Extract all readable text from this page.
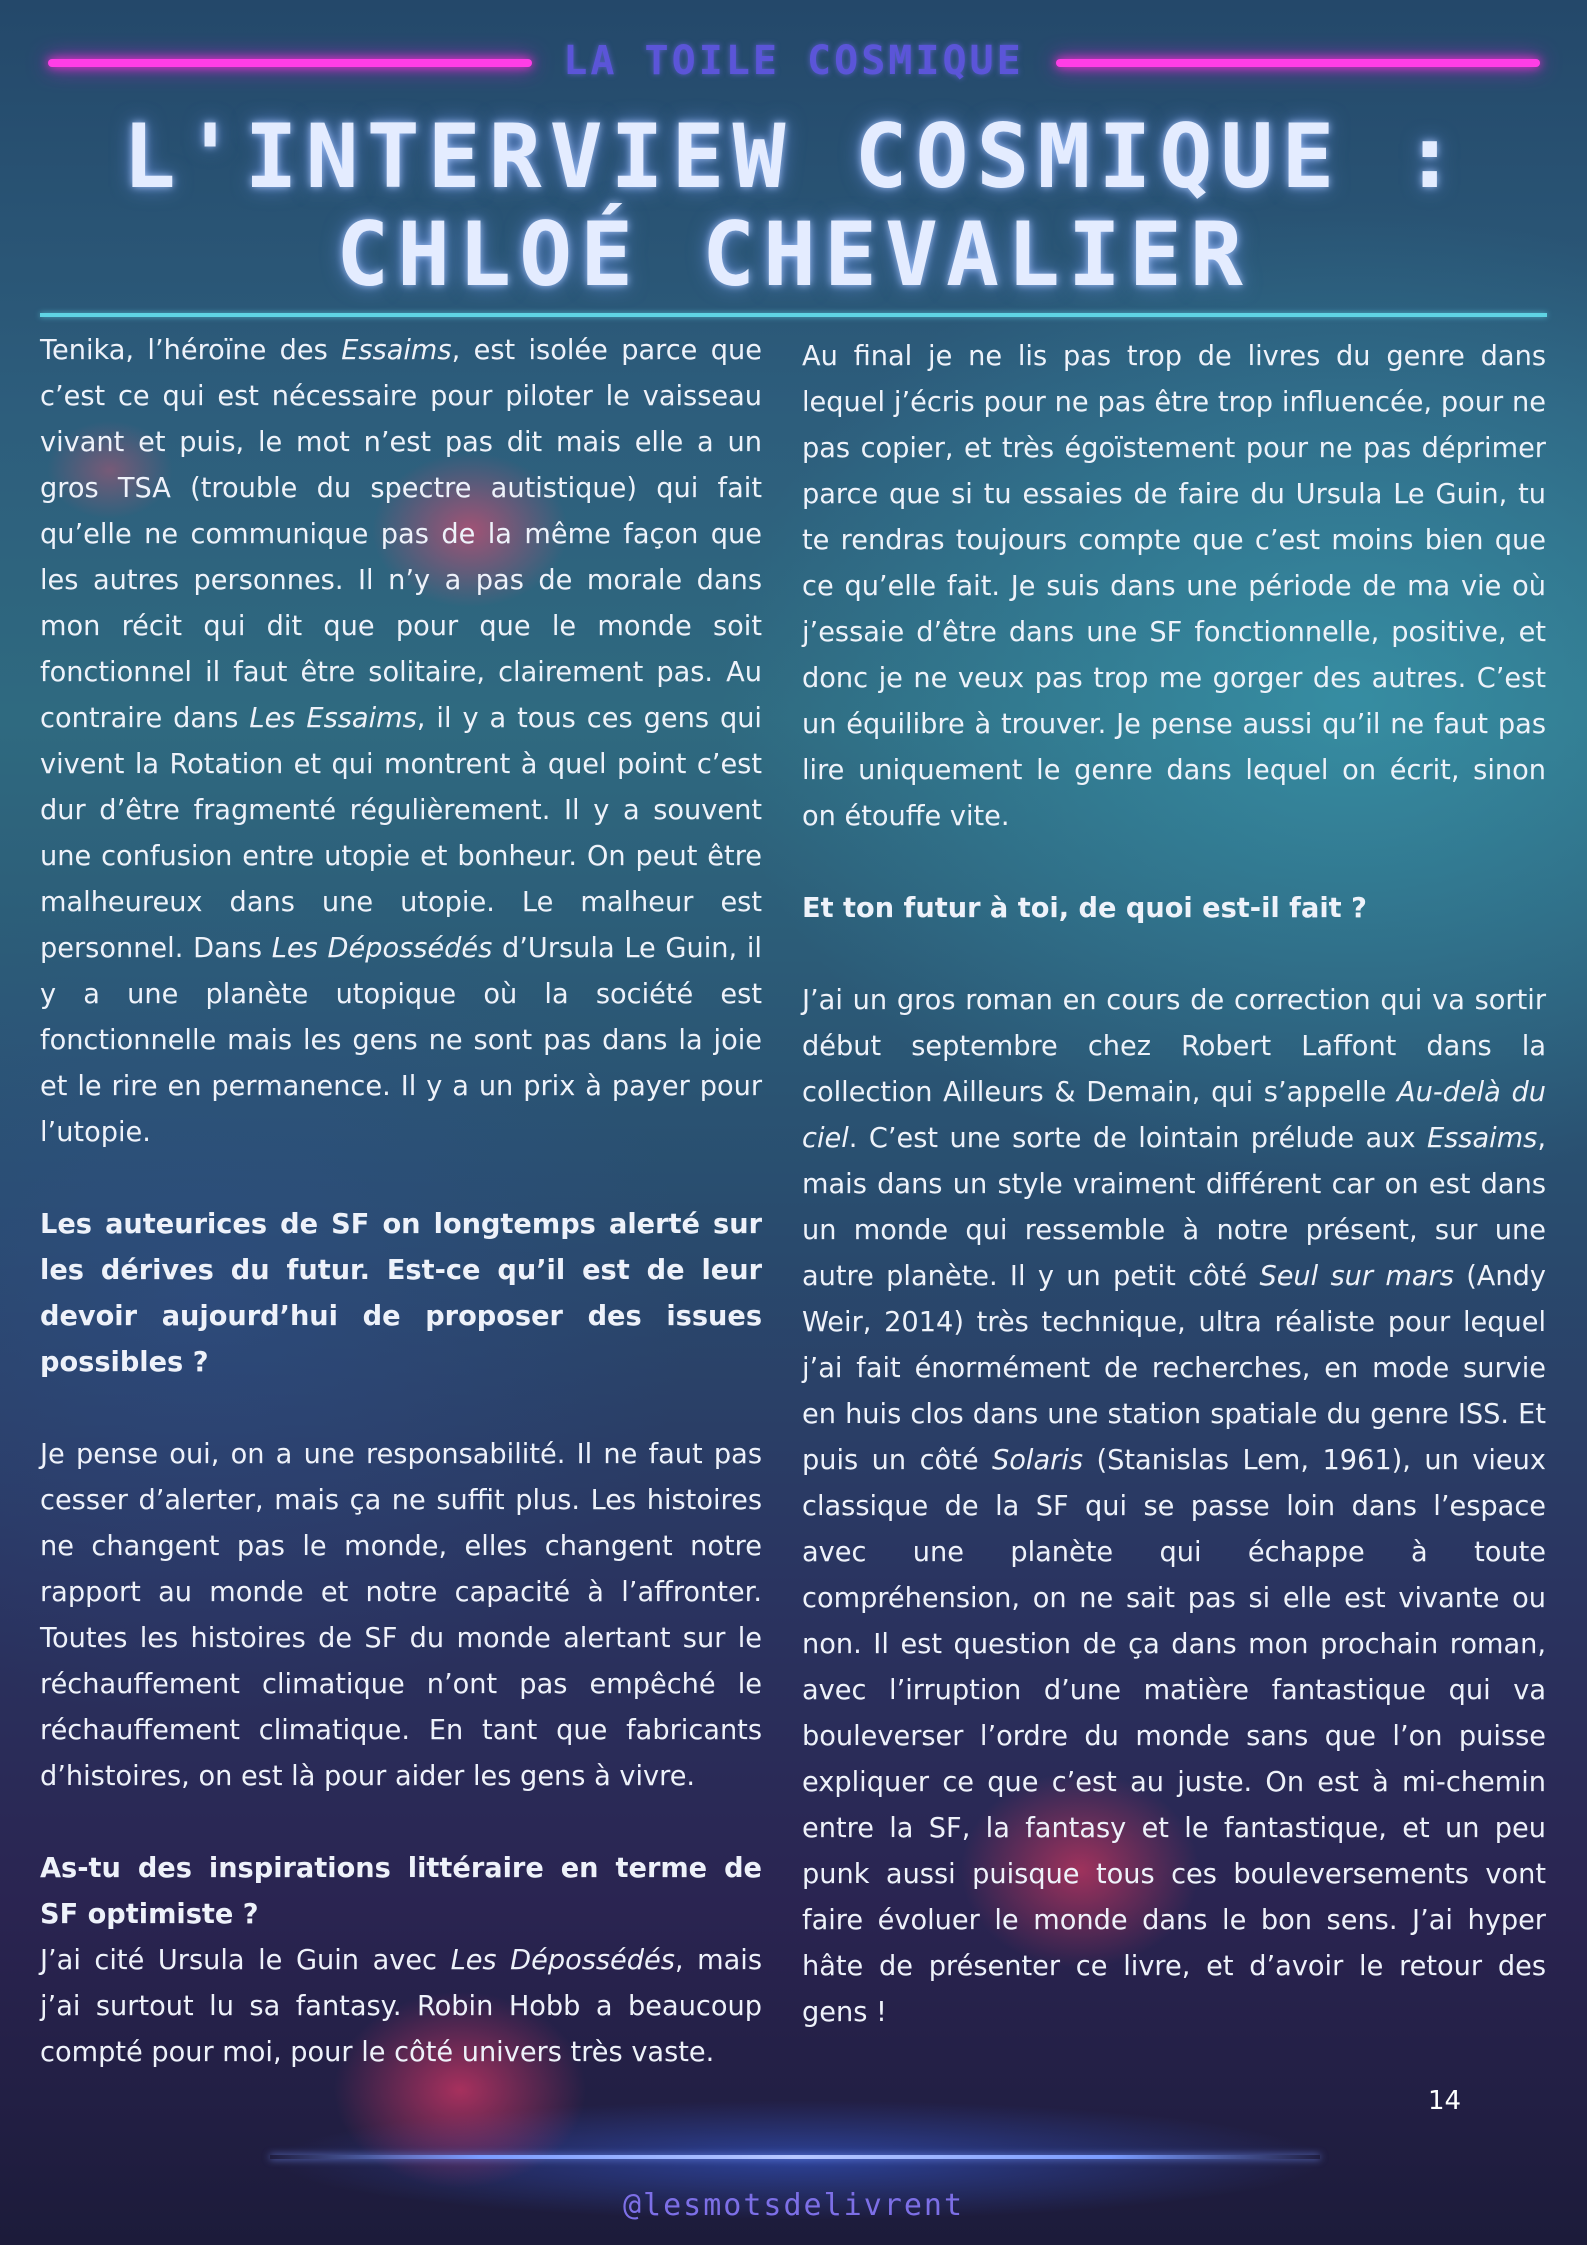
LA TOILE COSMIQUE
L'INTERVIEW COSMIQUE :
CHLOÉ CHEVALIER

Tenika, l’héroïne des Essaims, est isolée parce que c’est ce qui est nécessaire pour piloter le vaisseau vivant et puis, le mot n’est pas dit mais elle a un gros TSA (trouble du spectre autistique) qui fait qu’elle ne communique pas de la même façon que les autres personnes. Il n’y a pas de morale dans mon récit qui dit que pour que le monde soit fonctionnel il faut être solitaire, clairement pas. Au contraire dans Les Essaims, il y a tous ces gens qui vivent la Rotation et qui montrent à quel point c’est dur d’être fragmenté régulièrement. Il y a souvent une confusion entre utopie et bonheur. On peut être malheureux dans une utopie. Le malheur est personnel. Dans Les Dépossédés d’Ursula Le Guin, il y a une planète utopique où la société est fonctionnelle mais les gens ne sont pas dans la joie et le rire en permanence. Il y a un prix à payer pour l’utopie.

Les auteurices de SF on longtemps alerté sur les dérives du futur. Est-ce qu’il est de leur devoir aujourd’hui de proposer des issues possibles ?

Je pense oui, on a une responsabilité. Il ne faut pas cesser d’alerter, mais ça ne suffit plus. Les histoires ne changent pas le monde, elles changent notre rapport au monde et notre capacité à l’affronter. Toutes les histoires de SF du monde alertant sur le réchauffement climatique n’ont pas empêché le réchauffement climatique. En tant que fabricants d’histoires, on est là pour aider les gens à vivre.

As-tu des inspirations littéraire en terme de SF optimiste ?

J’ai cité Ursula le Guin avec Les Dépossédés, mais j’ai surtout lu sa fantasy. Robin Hobb a beaucoup compté pour moi, pour le côté univers très vaste.

Au final je ne lis pas trop de livres du genre dans lequel j’écris pour ne pas être trop influencée, pour ne pas copier, et très égoïstement pour ne pas déprimer parce que si tu essaies de faire du Ursula Le Guin, tu te rendras toujours compte que c’est moins bien que ce qu’elle fait. Je suis dans une période de ma vie où j’essaie d’être dans une SF fonctionnelle, positive, et donc je ne veux pas trop me gorger des autres. C’est un équilibre à trouver. Je pense aussi qu’il ne faut pas lire uniquement le genre dans lequel on écrit, sinon on étouffe vite.

Et ton futur à toi, de quoi est-il fait ?

J’ai un gros roman en cours de correction qui va sortir début septembre chez Robert Laffont dans la collection Ailleurs & Demain, qui s’appelle Au-delà du ciel. C’est une sorte de lointain prélude aux Essaims, mais dans un style vraiment différent car on est dans un monde qui ressemble à notre présent, sur une autre planète. Il y un petit côté Seul sur mars (Andy Weir, 2014) très technique, ultra réaliste pour lequel j’ai fait énormément de recherches, en mode survie en huis clos dans une station spatiale du genre ISS. Et puis un côté Solaris (Stanislas Lem, 1961), un vieux classique de la SF qui se passe loin dans l’espace avec une planète qui échappe à toute compréhension, on ne sait pas si elle est vivante ou non. Il est question de ça dans mon prochain roman, avec l’irruption d’une matière fantastique qui va bouleverser l’ordre du monde sans que l’on puisse expliquer ce que c’est au juste. On est à mi-chemin entre la SF, la fantasy et le fantastique, et un peu punk aussi puisque tous ces bouleversements vont faire évoluer le monde dans le bon sens. J’ai hyper hâte de présenter ce livre, et d’avoir le retour des gens !

14
@lesmotsdelivrent
